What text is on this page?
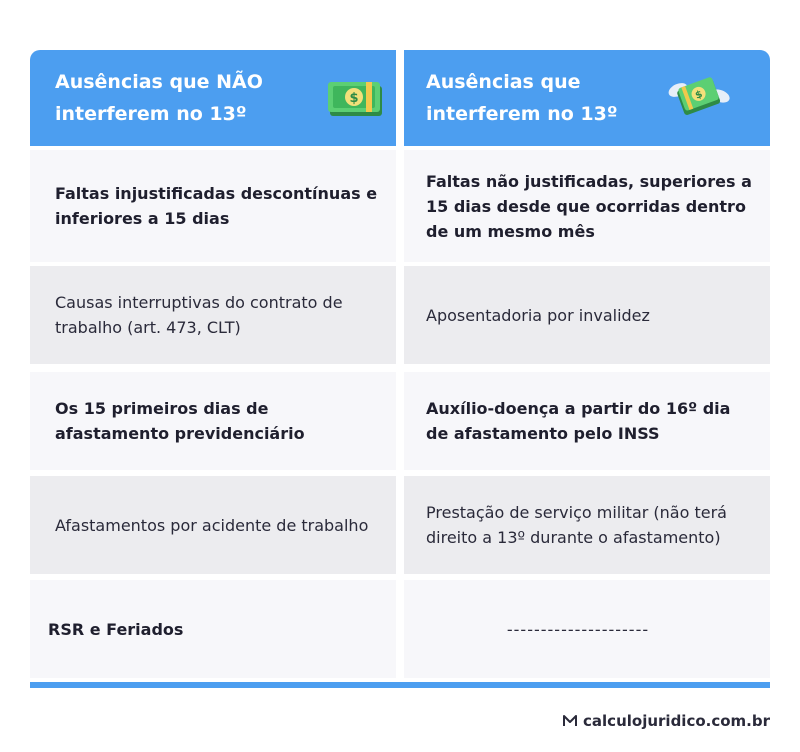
Ausências que NÃO interferem no 13º
$
Ausências que interferem no 13º
$
Faltas injustificadas descontínuas e inferiores a 15 dias
Faltas não justificadas, superiores a 15 dias desde que ocorridas dentro de um mesmo mês
Causas interruptivas do contrato de trabalho (art. 473, CLT)
Aposentadoria por invalidez
Os 15 primeiros dias de afastamento previdenciário
Auxílio-doença a partir do 16º dia de afastamento pelo INSS
Afastamentos por acidente de trabalho
Prestação de serviço militar (não terá direito a 13º durante o afastamento)
RSR e Feriados	---------------------
calculojuridico.com.br
